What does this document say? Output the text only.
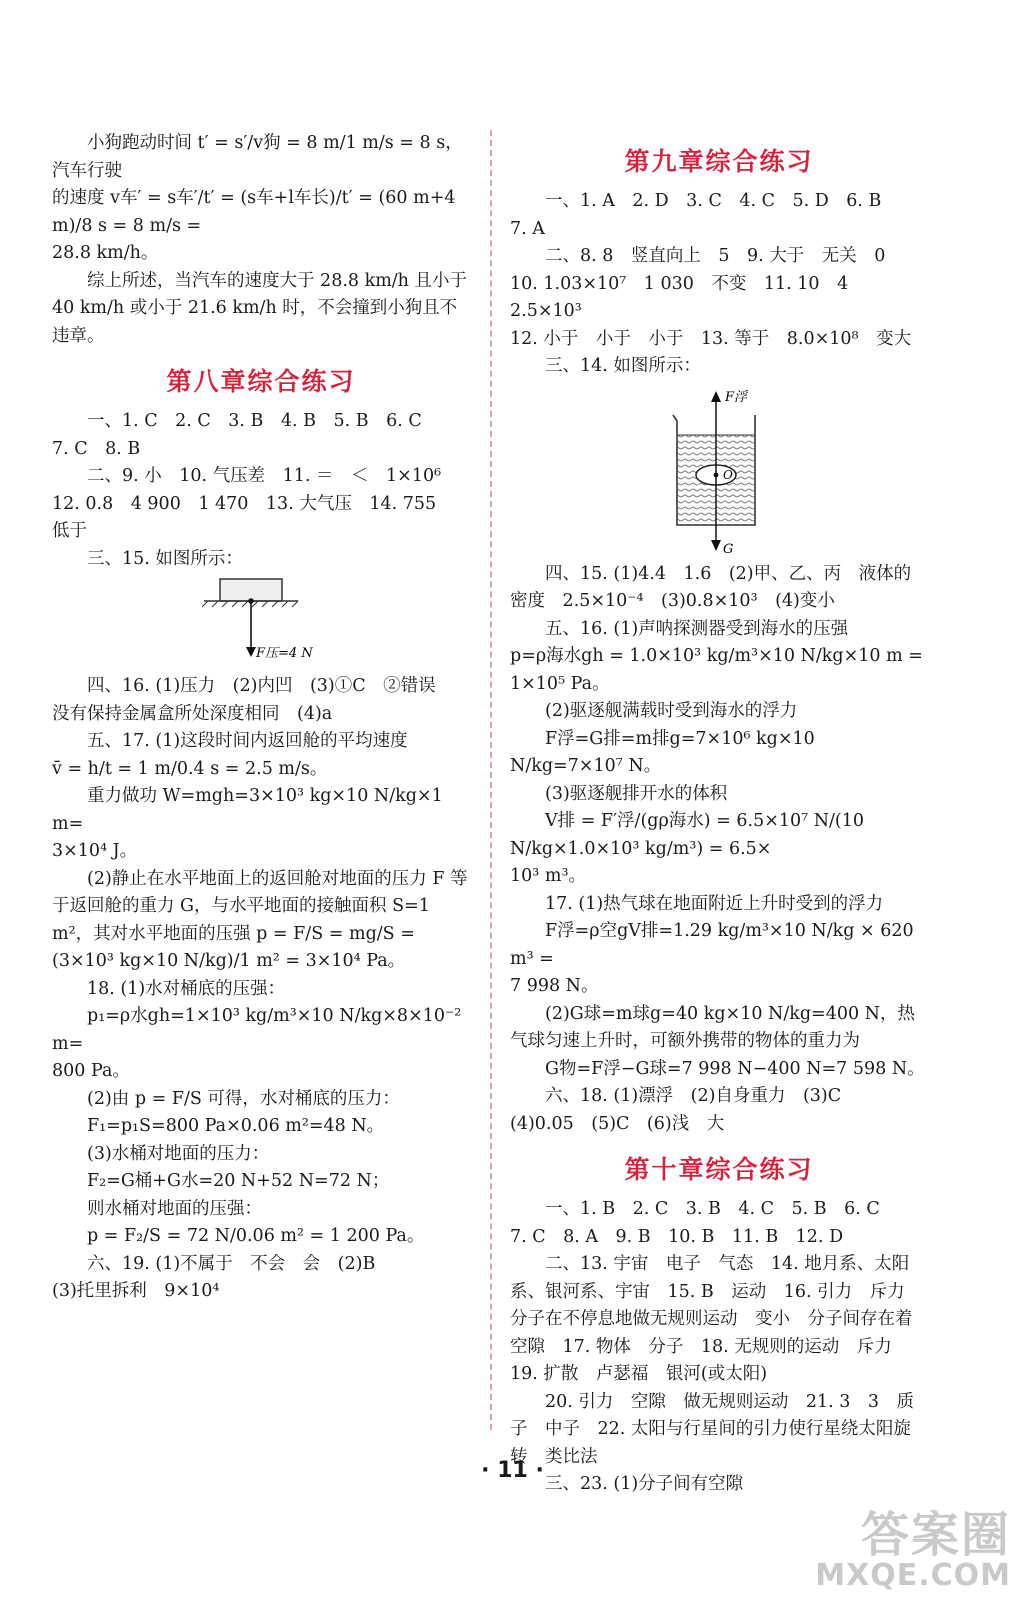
小狗跑动时间 t′ = s′/v狗 = 8 m/1 m/s = 8 s，汽车行驶

的速度 v车′ = s车′/t′ = (s车+l车长)/t′ = (60 m+4 m)/8 s = 8 m/s =

28.8 km/h。

综上所述，当汽车的速度大于 28.8 km/h 且小于 40 km/h 或小于 21.6 km/h 时，不会撞到小狗且不违章。

第八章综合练习

一、1. C　2. C　3. B　4. B　5. B　6. C

7. C　8. B

二、9. 小　10. 气压差　11. ＝　＜　1×10⁶

12. 0.8　4 900　1 470　13. 大气压　14. 755

低于

三、15. 如图所示：

F压=4 N

四、16. (1)压力　(2)内凹　(3)①C　②错误　没有保持金属盒所处深度相同　(4)a

五、17. (1)这段时间内返回舱的平均速度

v̄ = h/t = 1 m/0.4 s = 2.5 m/s。

重力做功 W=mgh=3×10³ kg×10 N/kg×1 m=

3×10⁴ J。

(2)静止在水平地面上的返回舱对地面的压力 F 等于返回舱的重力 G，与水平地面的接触面积 S=1 m²，其对水平地面的压强 p = F/S = mg/S =

(3×10³ kg×10 N/kg)/1 m² = 3×10⁴ Pa。

18. (1)水对桶底的压强：

p₁=ρ水gh=1×10³ kg/m³×10 N/kg×8×10⁻² m=

800 Pa。

(2)由 p = F/S 可得，水对桶底的压力：

F₁=p₁S=800 Pa×0.06 m²=48 N。

(3)水桶对地面的压力：

F₂=G桶+G水=20 N+52 N=72 N；

则水桶对地面的压强：

p = F₂/S = 72 N/0.06 m² = 1 200 Pa。

六、19. (1)不属于　不会　会　(2)B

(3)托里拆利　9×10⁴

第九章综合练习

一、1. A　2. D　3. C　4. C　5. D　6. B

7. A

二、8. 8　竖直向上　5　9. 大于　无关　0

10. 1.03×10⁷　1 030　不变　11. 10　4　2.5×10³

12. 小于　小于　小于　13. 等于　8.0×10⁸　变大

三、14. 如图所示：

F浮
O
G

四、15. (1)4.4　1.6　(2)甲、乙、丙　液体的密度　2.5×10⁻⁴　(3)0.8×10³　(4)变小

五、16. (1)声呐探测器受到海水的压强

p=ρ海水gh = 1.0×10³ kg/m³×10 N/kg×10 m = 1×10⁵ Pa。

(2)驱逐舰满载时受到海水的浮力

F浮=G排=m排g=7×10⁶ kg×10 N/kg=7×10⁷ N。

(3)驱逐舰排开水的体积

V排 = F′浮/(gρ海水) = 6.5×10⁷ N/(10 N/kg×1.0×10³ kg/m³) = 6.5×

10³ m³。

17. (1)热气球在地面附近上升时受到的浮力

F浮=ρ空gV排=1.29 kg/m³×10 N/kg × 620 m³ =

7 998 N。

(2)G球=m球g=40 kg×10 N/kg=400 N，热气球匀速上升时，可额外携带的物体的重力为

G物=F浮−G球=7 998 N−400 N=7 598 N。

六、18. (1)漂浮　(2)自身重力　(3)C

(4)0.05　(5)C　(6)浅　大

第十章综合练习

一、1. B　2. C　3. B　4. C　5. B　6. C

7. C　8. A　9. B　10. B　11. B　12. D

二、13. 宇宙　电子　气态　14. 地月系、太阳系、银河系、宇宙　15. B　运动　16. 引力　斥力　分子在不停息地做无规则运动　变小　分子间存在着空隙　17. 物体　分子　18. 无规则的运动　斥力　19. 扩散　卢瑟福　银河(或太阳)

20. 引力　空隙　做无规则运动　21. 3　3　质子　中子　22. 太阳与行星间的引力使行星绕太阳旋转　类比法

三、23. (1)分子间有空隙

· 11 ·
答案圈
MXQE.COM
